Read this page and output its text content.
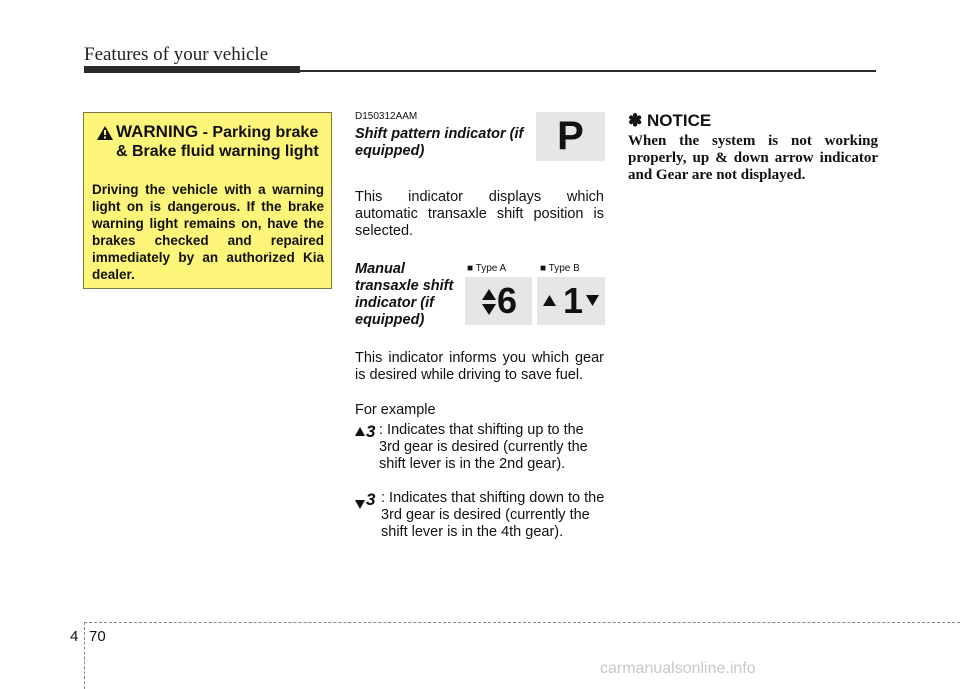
Features of your vehicle
WARNING - Parking brake & Brake fluid warning light
Driving the vehicle with a warning light on is dangerous. If the brake warning light remains on, have the brakes checked and repaired immediately by an authorized Kia dealer.
D150312AAM
Shift pattern indicator (if equipped)
This indicator displays which automatic transaxle shift position is selected.
P
Manual transaxle shift indicator (if equipped)
■ Type A	■ Type B
6 1
This indicator informs you which gear is desired while driving to save fuel.
For example
3 : Indicates that shifting up to the 3rd gear is desired (currently the shift lever is in the 2nd gear).
3 : Indicates that shifting down to the 3rd gear is desired (currently the shift lever is in the 4th gear).
✽ NOTICE
When the system is not working properly, up & down arrow indicator and Gear are not displayed.
4 70
carmanualsonline.info
